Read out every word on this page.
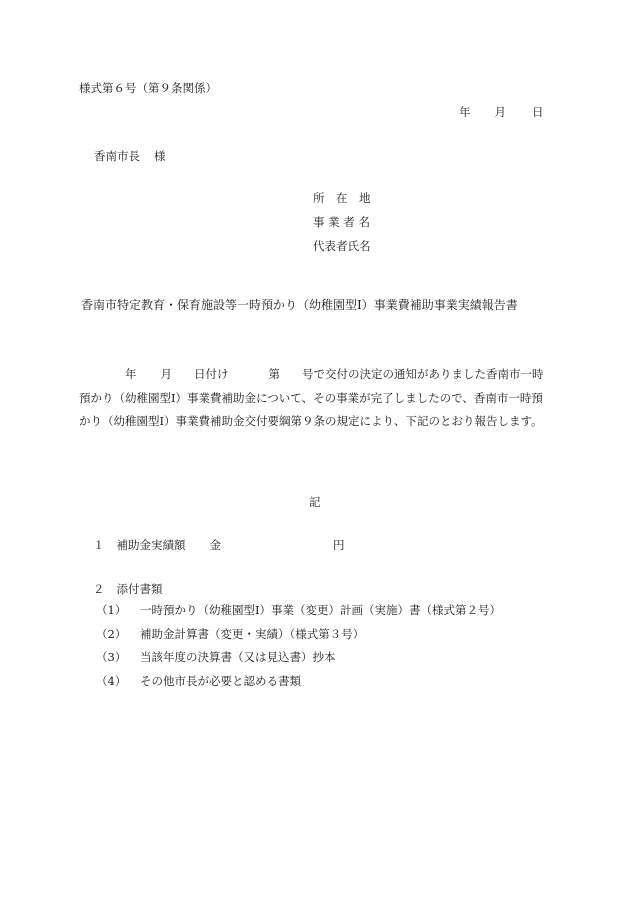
様式第６号（第９条関係）
年 月 日
香南市長 様
所　在　地
事 業 者 名
代表者氏名
香南市特定教育・保育施設等一時預かり（幼稚園型Ⅰ）事業費補助事業実績報告書
年 月 日付け	第 号で交付の決定の通知がありました香南市一時預かり（幼稚園型Ⅰ）事業費補助金について、その事業が完了しましたので、香南市一時預かり（幼稚園型Ⅰ）事業費補助金交付要綱第９条の規定により、下記のとおり報告します。
記
１ 補助金実績額 金	円
２ 添付書類
（1）	一時預かり（幼稚園型Ⅰ）事業（変更）計画（実施）書（様式第２号）
（2）	補助金計算書（変更・実績）（様式第３号）
（3）	当該年度の決算書（又は見込書）抄本
（4）	その他市長が必要と認める書類
